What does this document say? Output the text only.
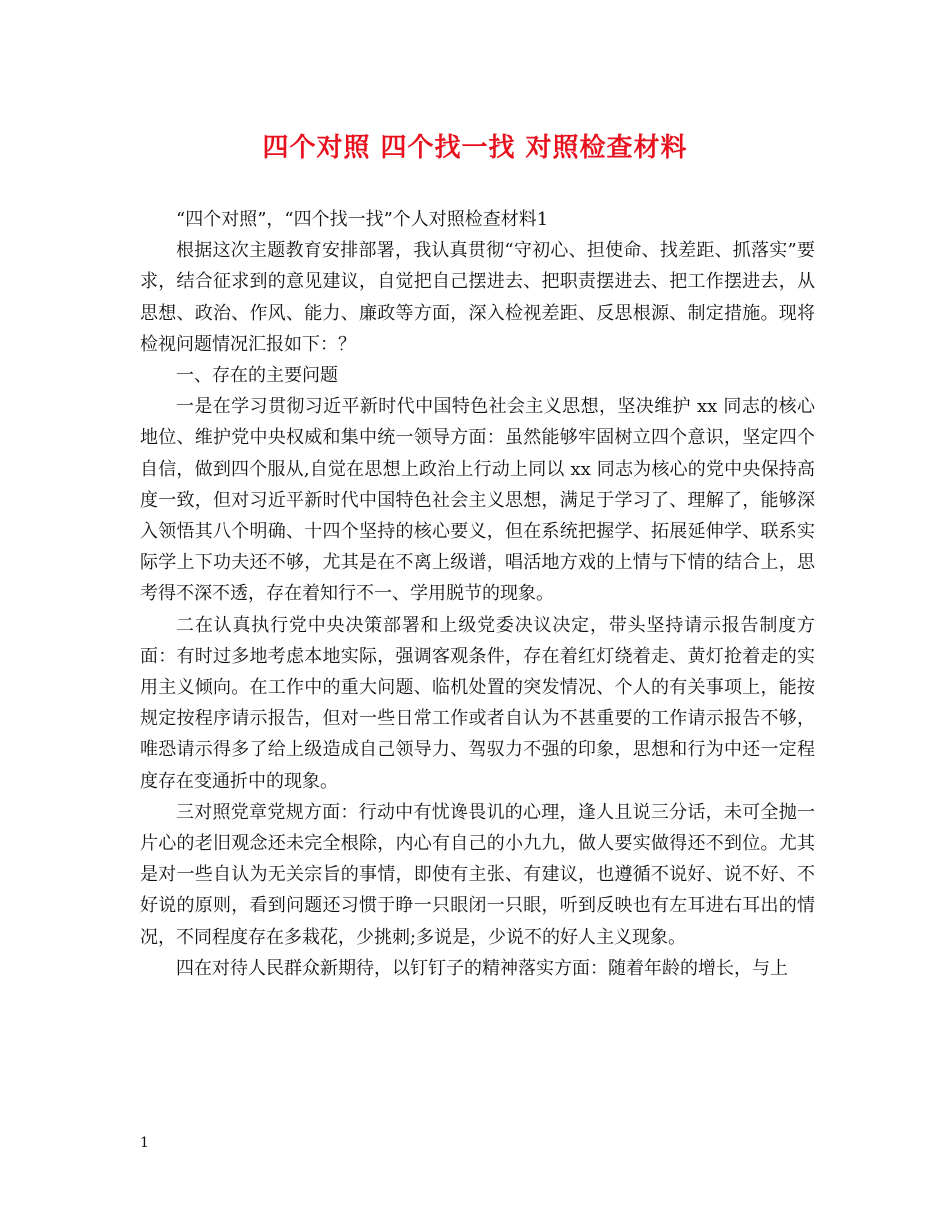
四个对照 四个找一找 对照检查材料

“四个对照”，“四个找一找”个人对照检查材料1

根据这次主题教育安排部署，我认真贯彻“守初心、担使命、找差距、抓落实”要求，结合征求到的意见建议，自觉把自己摆进去、把职责摆进去、把工作摆进去，从思想、政治、作风、能力、廉政等方面，深入检视差距、反思根源、制定措施。现将检视问题情况汇报如下：？

一、存在的主要问题

一是在学习贯彻习近平新时代中国特色社会主义思想，坚决维护 xx 同志的核心地位、维护党中央权威和集中统一领导方面：虽然能够牢固树立四个意识，坚定四个自信，做到四个服从,自觉在思想上政治上行动上同以 xx 同志为核心的党中央保持高度一致，但对习近平新时代中国特色社会主义思想，满足于学习了、理解了，能够深入领悟其八个明确、十四个坚持的核心要义，但在系统把握学、拓展延伸学、联系实际学上下功夫还不够，尤其是在不离上级谱，唱活地方戏的上情与下情的结合上，思考得不深不透，存在着知行不一、学用脱节的现象。

二在认真执行党中央决策部署和上级党委决议决定，带头坚持请示报告制度方面：有时过多地考虑本地实际，强调客观条件，存在着红灯绕着走、黄灯抢着走的实用主义倾向。在工作中的重大问题、临机处置的突发情况、个人的有关事项上，能按规定按程序请示报告，但对一些日常工作或者自认为不甚重要的工作请示报告不够，唯恐请示得多了给上级造成自己领导力、驾驭力不强的印象，思想和行为中还一定程度存在变通折中的现象。

三对照党章党规方面：行动中有忧谗畏讥的心理，逢人且说三分话，未可全抛一片心的老旧观念还未完全根除，内心有自己的小九九，做人要实做得还不到位。尤其是对一些自认为无关宗旨的事情，即使有主张、有建议，也遵循不说好、说不好、不好说的原则，看到问题还习惯于睁一只眼闭一只眼，听到反映也有左耳进右耳出的情况，不同程度存在多栽花，少挑刺;多说是，少说不的好人主义现象。

四在对待人民群众新期待，以钉钉子的精神落实方面：随着年龄的增长，与上

1
